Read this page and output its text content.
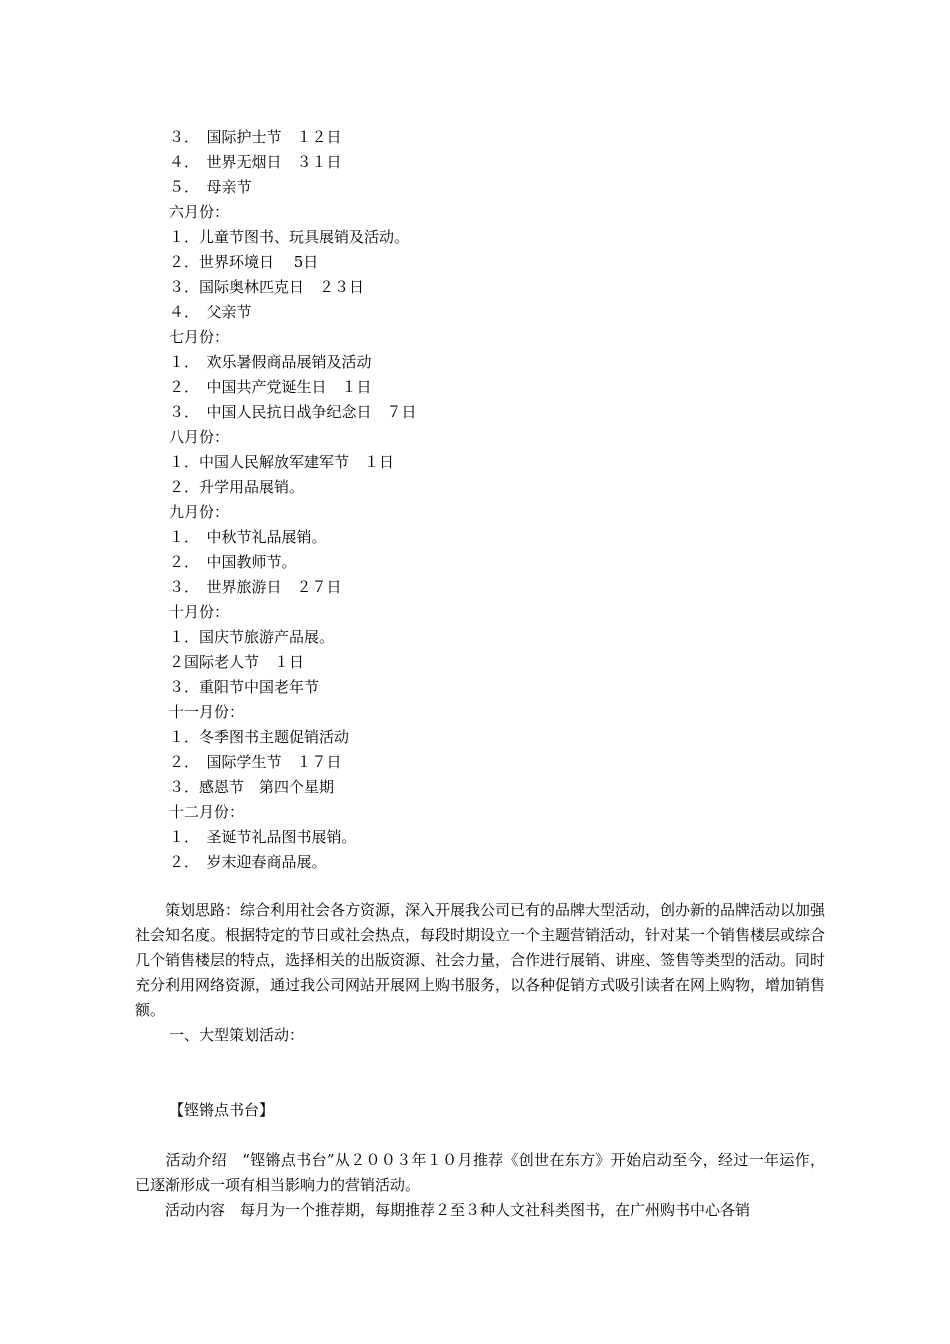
３．　国际护士节　１２日

４．　世界无烟日　３１日

５．　母亲节

六月份：

１．儿童节图书、玩具展销及活动。

２．世界环境日　 5日

３．国际奥林匹克日　２３日

４．　父亲节

七月份：

１．　欢乐暑假商品展销及活动

２．　中国共产党诞生日　１日

３．　中国人民抗日战争纪念日　７日

八月份：

１．中国人民解放军建军节　１日

２．升学用品展销。

九月份：

１．　中秋节礼品展销。

２．　中国教师节。

３．　世界旅游日　２７日

十月份：

１．国庆节旅游产品展。

２国际老人节　１日

３．重阳节中国老年节

十一月份：

１．冬季图书主题促销活动

２．　国际学生节　１７日

３．感恩节　第四个星期

十二月份：

１．　圣诞节礼品图书展销。

２．　岁末迎春商品展。

　　策划思路：综合利用社会各方资源，深入开展我公司已有的品牌大型活动，创办新的品牌活动以加强社会知名度。根据特定的节日或社会热点，每段时期设立一个主题营销活动，针对某一个销售楼层或综合几个销售楼层的特点，选择相关的出版资源、社会力量，合作进行展销、讲座、签售等类型的活动。同时充分利用网络资源，通过我公司网站开展网上购书服务，以各种促销方式吸引读者在网上购物，增加销售额。

一、大型策划活动：

【铿锵点书台】

　　活动介绍　“铿锵点书台”从２００３年１０月推荐《创世在东方》开始启动至今，经过一年运作，已逐渐形成一项有相当影响力的营销活动。

　　活动内容　每月为一个推荐期，每期推荐２至３种人文社科类图书，在广州购书中心各销
